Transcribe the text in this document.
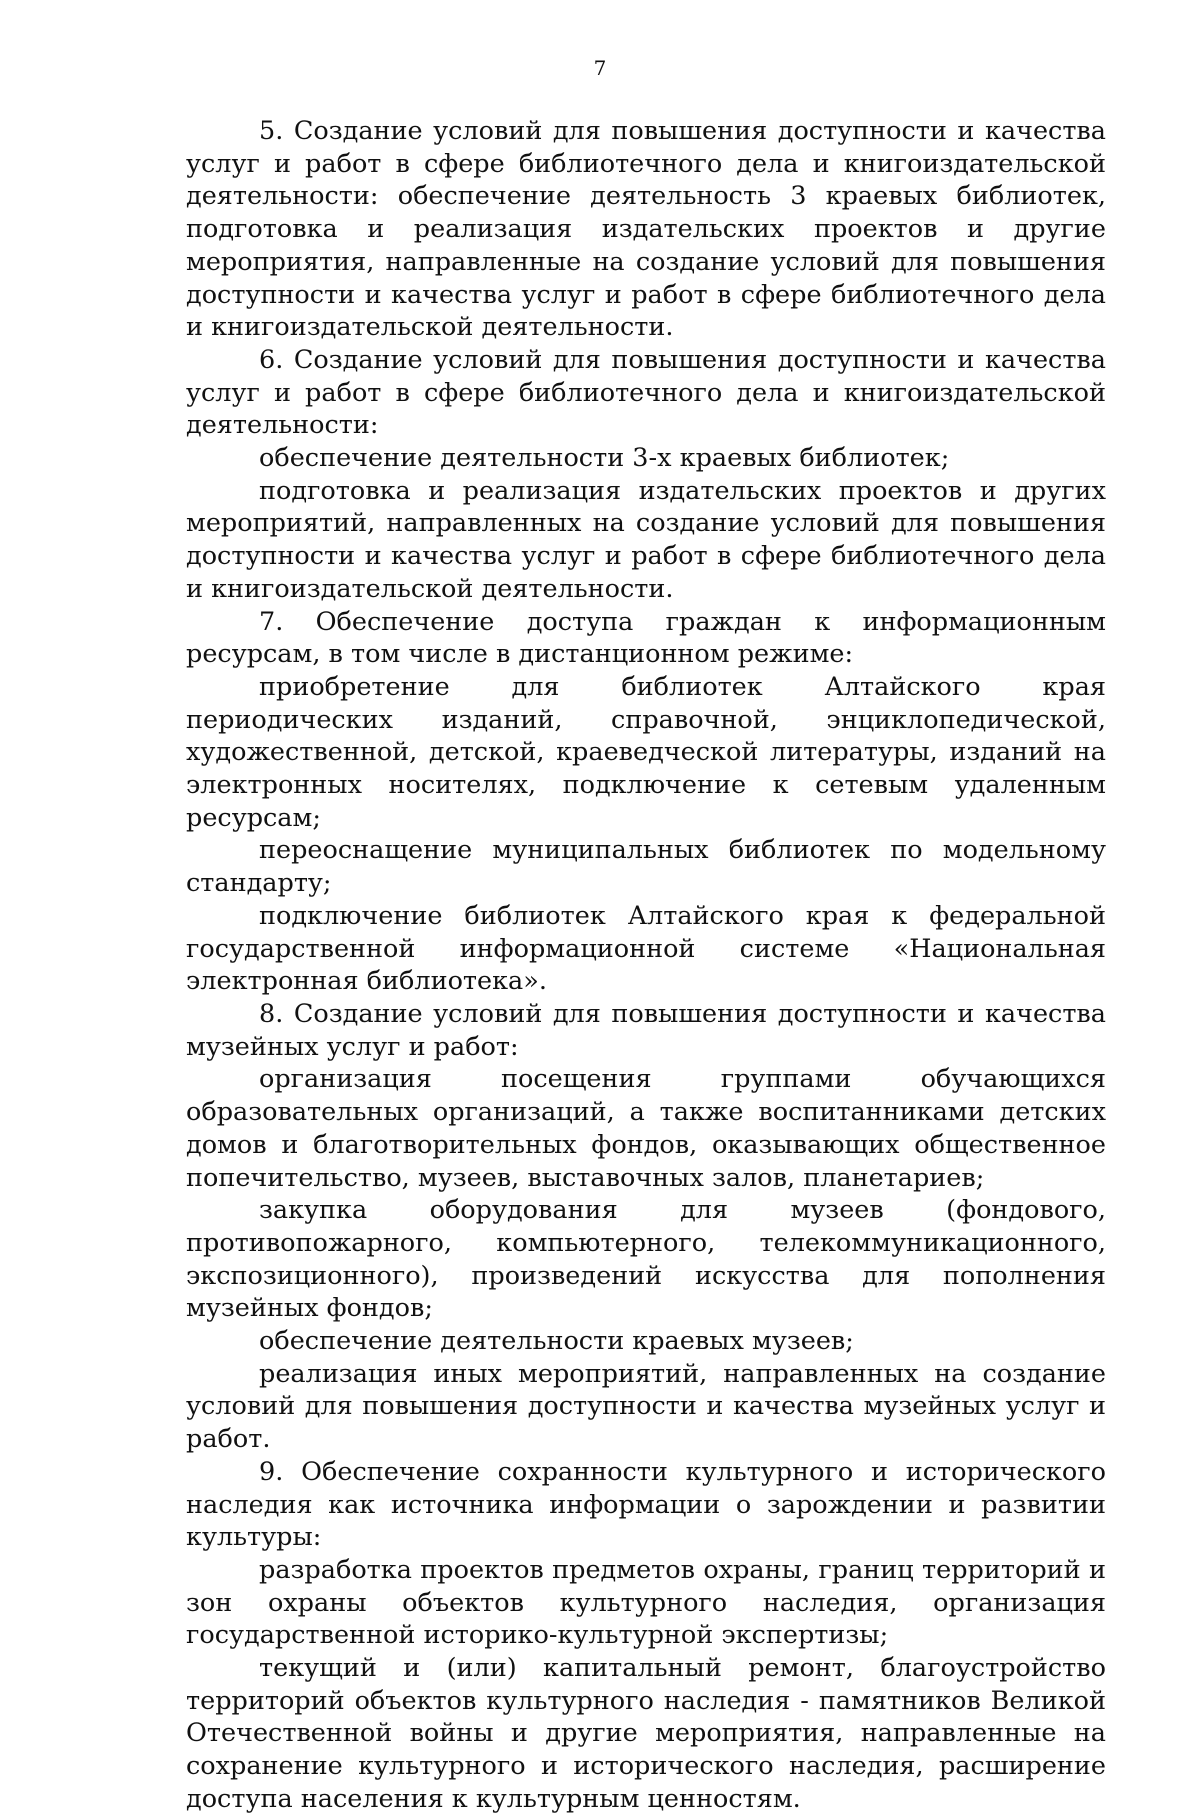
7

5. Создание условий для повышения доступности и качества услуг и работ в сфере библиотечного дела и книгоиздательской деятельности: обеспечение деятельность 3 краевых библиотек, подготовка и реализация издательских проектов и другие мероприятия, направленные на создание условий для повышения доступности и качества услуг и работ в сфере библиотечного дела и книгоиздательской деятельности.

6. Создание условий для повышения доступности и качества услуг и работ в сфере библиотечного дела и книгоиздательской деятельности:

обеспечение деятельности 3-х краевых библиотек;

подготовка и реализация издательских проектов и других мероприятий, направленных на создание условий для повышения доступности и качества услуг и работ в сфере библиотечного дела и книгоиздательской деятельности.

7. Обеспечение доступа граждан к информационным ресурсам, в том числе в дистанционном режиме:

приобретение для библиотек Алтайского края периодических изданий, справочной, энциклопедической, художественной, детской, краеведческой литературы, изданий на электронных носителях, подключение к сетевым удаленным ресурсам;

переоснащение муниципальных библиотек по модельному стандарту;

подключение библиотек Алтайского края к федеральной государственной информационной системе «Национальная электронная библиотека».

8. Создание условий для повышения доступности и качества музейных услуг и работ:

организация посещения группами обучающихся образовательных организаций, а также воспитанниками детских домов и благотворительных фондов, оказывающих общественное попечительство, музеев, выставочных залов, планетариев;

закупка оборудования для музеев (фондового, противопожарного, компьютерного, телекоммуникационного, экспозиционного), произведений искусства для пополнения музейных фондов;

обеспечение деятельности краевых музеев;

реализация иных мероприятий, направленных на создание условий для повышения доступности и качества музейных услуг и работ.

9. Обеспечение сохранности культурного и исторического наследия как источника информации о зарождении и развитии культуры:

разработка проектов предметов охраны, границ территорий и зон охраны объектов культурного наследия, организация государственной историко-культурной экспертизы;

текущий и (или) капитальный ремонт, благоустройство территорий объектов культурного наследия - памятников Великой Отечественной войны и другие мероприятия, направленные на сохранение культурного и исторического наследия, расширение доступа населения к культурным ценностям.
